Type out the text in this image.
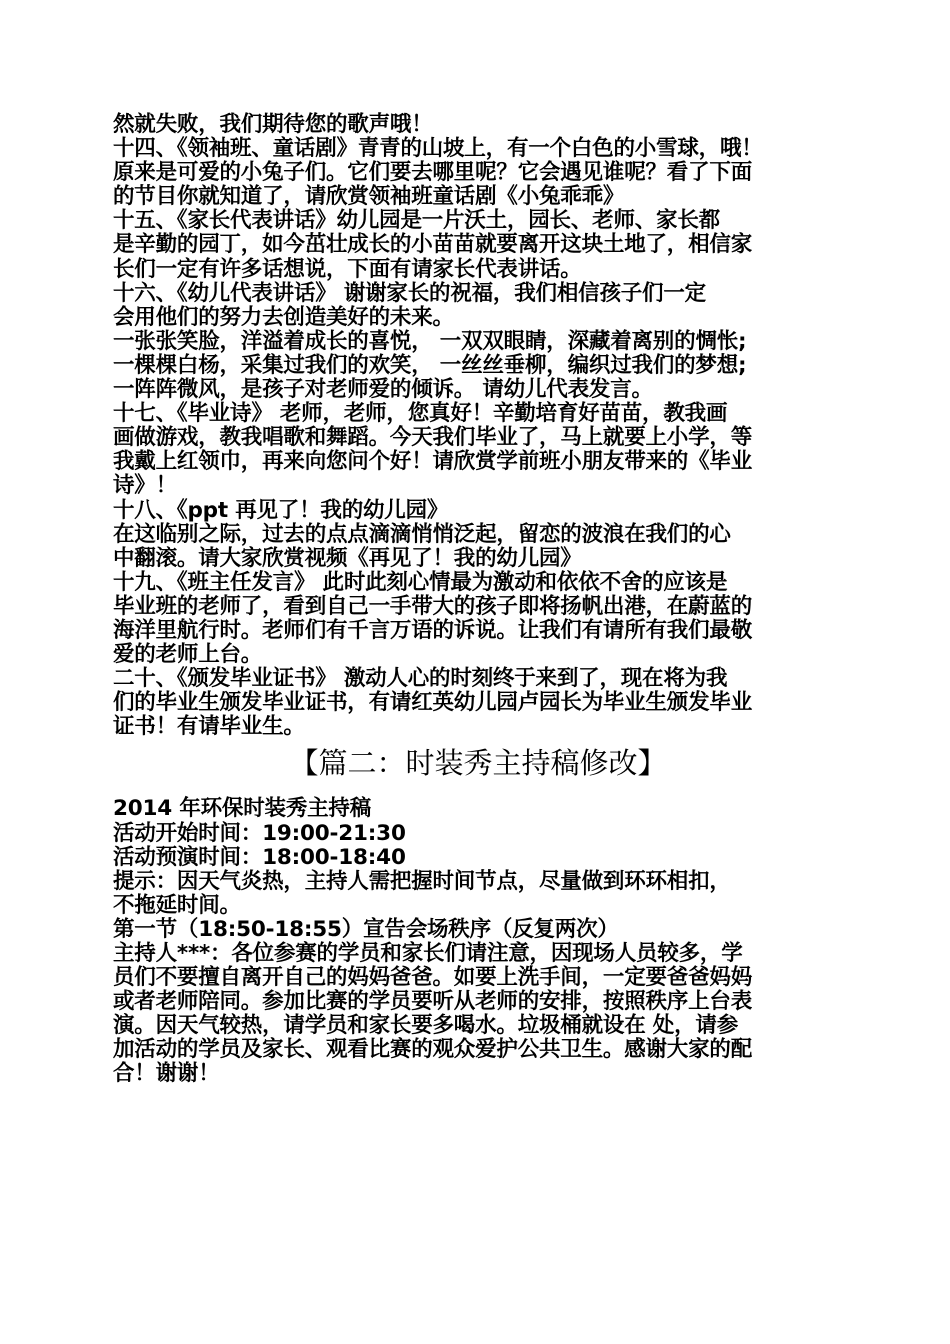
然就失败，我们期待您的歌声哦！
十四、《领袖班、童话剧》青青的山坡上，有一个白色的小雪球，哦！
原来是可爱的小兔子们。它们要去哪里呢？它会遇见谁呢？看了下面
的节目你就知道了，请欣赏领袖班童话剧《小兔乖乖》
十五、《家长代表讲话》幼儿园是一片沃土，园长、老师、家长都
是辛勤的园丁，如今茁壮成长的小苗苗就要离开这块土地了，相信家
长们一定有许多话想说，下面有请家长代表讲话。
十六、《幼儿代表讲话》 谢谢家长的祝福，我们相信孩子们一定
会用他们的努力去创造美好的未来。
一张张笑脸，洋溢着成长的喜悦， 一双双眼睛，深藏着离别的惆怅;
一棵棵白杨，采集过我们的欢笑， 一丝丝垂柳，编织过我们的梦想;
一阵阵微风，是孩子对老师爱的倾诉。 请幼儿代表发言。
十七、《毕业诗》 老师，老师，您真好！辛勤培育好苗苗，教我画
画做游戏，教我唱歌和舞蹈。今天我们毕业了，马上就要上小学，等
我戴上红领巾，再来向您问个好！请欣赏学前班小朋友带来的《毕业
诗》！
十八、《ppt 再见了！我的幼儿园》
在这临别之际，过去的点点滴滴悄悄泛起，留恋的波浪在我们的心
中翻滚。请大家欣赏视频《再见了！我的幼儿园》
十九、《班主任发言》 此时此刻心情最为激动和依依不舍的应该是
毕业班的老师了，看到自己一手带大的孩子即将扬帆出港，在蔚蓝的
海洋里航行时。老师们有千言万语的诉说。让我们有请所有我们最敬
爱的老师上台。
二十、《颁发毕业证书》 激动人心的时刻终于来到了，现在将为我
们的毕业生颁发毕业证书，有请红英幼儿园卢园长为毕业生颁发毕业
证书！有请毕业生。
【篇二：时装秀主持稿修改】
2014 年环保时装秀主持稿
活动开始时间：19:00-21:30
活动预演时间：18:00-18:40
提示：因天气炎热，主持人需把握时间节点，尽量做到环环相扣，
不拖延时间。
第一节（18:50-18:55）宣告会场秩序（反复两次）
主持人***：各位参赛的学员和家长们请注意，因现场人员较多，学
员们不要擅自离开自己的妈妈爸爸。如要上洗手间，一定要爸爸妈妈
或者老师陪同。参加比赛的学员要听从老师的安排，按照秩序上台表
演。因天气较热，请学员和家长要多喝水。垃圾桶就设在 处，请参
加活动的学员及家长、观看比赛的观众爱护公共卫生。感谢大家的配
合！谢谢！
